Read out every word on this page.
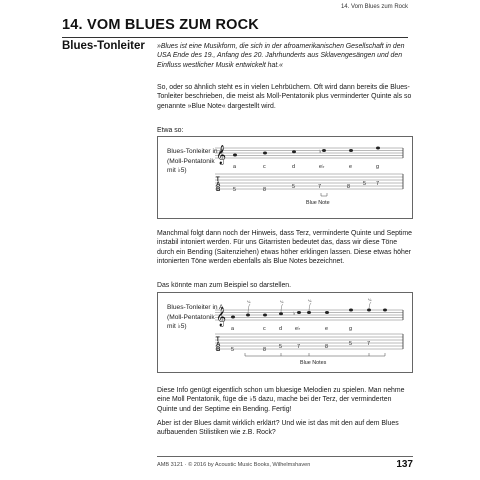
14. Vom Blues zum Rock
14. VOM BLUES ZUM ROCK
Blues-Tonleiter »Blues ist eine Musikform, die sich in der afroamerikanischen Gesellschaft in den USA Ende des 19., Anfang des 20. Jahrhunderts aus Sklavengesängen und den Einfluss westlicher Musik entwickelt hat.«

So, oder so ähnlich steht es in vielen Lehrbüchern. Oft wird dann bereits die Blues-Tonleiter beschrieben, die meist als Moll-Pentatonik plus verminderter Quinte als so genannte »Blue Note« dargestellt wird.

Etwa so:

Blues-Tonleiter in A
(Moll-Pentatonik
mit ♭5)
𝄞	♭
a	c	d	e♭	e	g
T
A
B 5	8	5	7	8 5 7
Blue Note

Manchmal folgt dann noch der Hinweis, dass Terz, verminderte Quinte und Septime instabil intoniert werden. Für uns Gitarristen bedeutet das, dass wir diese Töne durch ein Bending (Saitenziehen) etwas höher erklingen lassen. Diese etwas höher intonierten Töne werden ebenfalls als Blue Notes bezeichnet.

Das könnte man zum Beispiel so darstellen.

Blues-Tonleiter in A
(Moll-Pentatonik
mit ♭5)	𝄞
¼	¼	¼	¼
♭
a	c d e♭	e	g
T
A
B 5	8 5	7	8	5	7
Blue Notes

Diese Info genügt eigentlich schon um bluesige Melodien zu spielen. Man nehme eine Moll Pentatonik, füge die ♭5 dazu, mache bei der Terz, der verminderten Quinte und der Septime ein Bending. Fertig!

Aber ist der Blues damit wirklich erklärt? Und wie ist das mit den auf dem Blues aufbauenden Stilistiken wie z.B. Rock?

AMB 3121 · © 2016 by Acoustic Music Books, Wilhelmshaven	137
